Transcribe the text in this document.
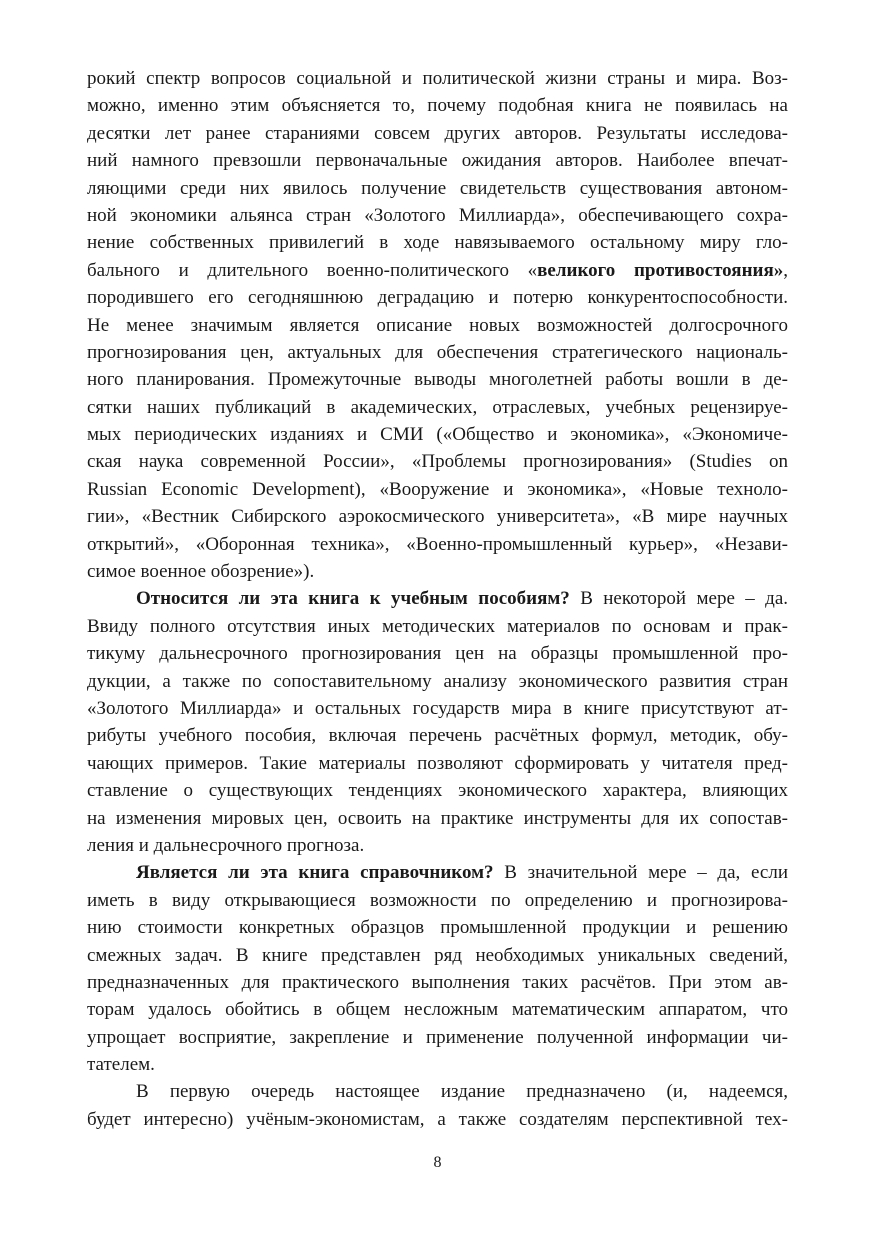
рокий спектр вопросов социальной и политической жизни страны и мира. Воз-
можно, именно этим объясняется то, почему подобная книга не появилась на
десятки лет ранее стараниями совсем других авторов. Результаты исследова-
ний намного превзошли первоначальные ожидания авторов. Наиболее впечат-
ляющими среди них явилось получение свидетельств существования автоном-
ной экономики альянса стран «Золотого Миллиарда», обеспечивающего сохра-
нение собственных привилегий в ходе навязываемого остальному миру гло-
бального и длительного военно-политического «великого противостояния»,
породившего его сегодняшнюю деградацию и потерю конкурентоспособности.
Не менее значимым является описание новых возможностей долгосрочного
прогнозирования цен, актуальных для обеспечения стратегического националь-
ного планирования. Промежуточные выводы многолетней работы вошли в де-
сятки наших публикаций в академических, отраслевых, учебных рецензируе-
мых периодических изданиях и СМИ («Общество и экономика», «Экономиче-
ская наука современной России», «Проблемы прогнозирования» (Studies on
Russian Economic Development), «Вооружение и экономика», «Новые техноло-
гии», «Вестник Сибирского аэрокосмического университета», «В мире научных
открытий», «Оборонная техника», «Военно-промышленный курьер», «Незави-
симое военное обозрение»).
Относится ли эта книга к учебным пособиям? В некоторой мере – да.
Ввиду полного отсутствия иных методических материалов по основам и прак-
тикуму дальнесрочного прогнозирования цен на образцы промышленной про-
дукции, а также по сопоставительному анализу экономического развития стран
«Золотого Миллиарда» и остальных государств мира в книге присутствуют ат-
рибуты учебного пособия, включая перечень расчётных формул, методик, обу-
чающих примеров. Такие материалы позволяют сформировать у читателя пред-
ставление о существующих тенденциях экономического характера, влияющих
на изменения мировых цен, освоить на практике инструменты для их сопостав-
ления и дальнесрочного прогноза.
Является ли эта книга справочником? В значительной мере – да, если
иметь в виду открывающиеся возможности по определению и прогнозирова-
нию стоимости конкретных образцов промышленной продукции и решению
смежных задач. В книге представлен ряд необходимых уникальных сведений,
предназначенных для практического выполнения таких расчётов. При этом ав-
торам удалось обойтись в общем несложным математическим аппаратом, что
упрощает восприятие, закрепление и применение полученной информации чи-
тателем.
В первую очередь настоящее издание предназначено (и, надеемся,
будет интересно) учёным-экономистам, а также создателям перспективной тех-
8
